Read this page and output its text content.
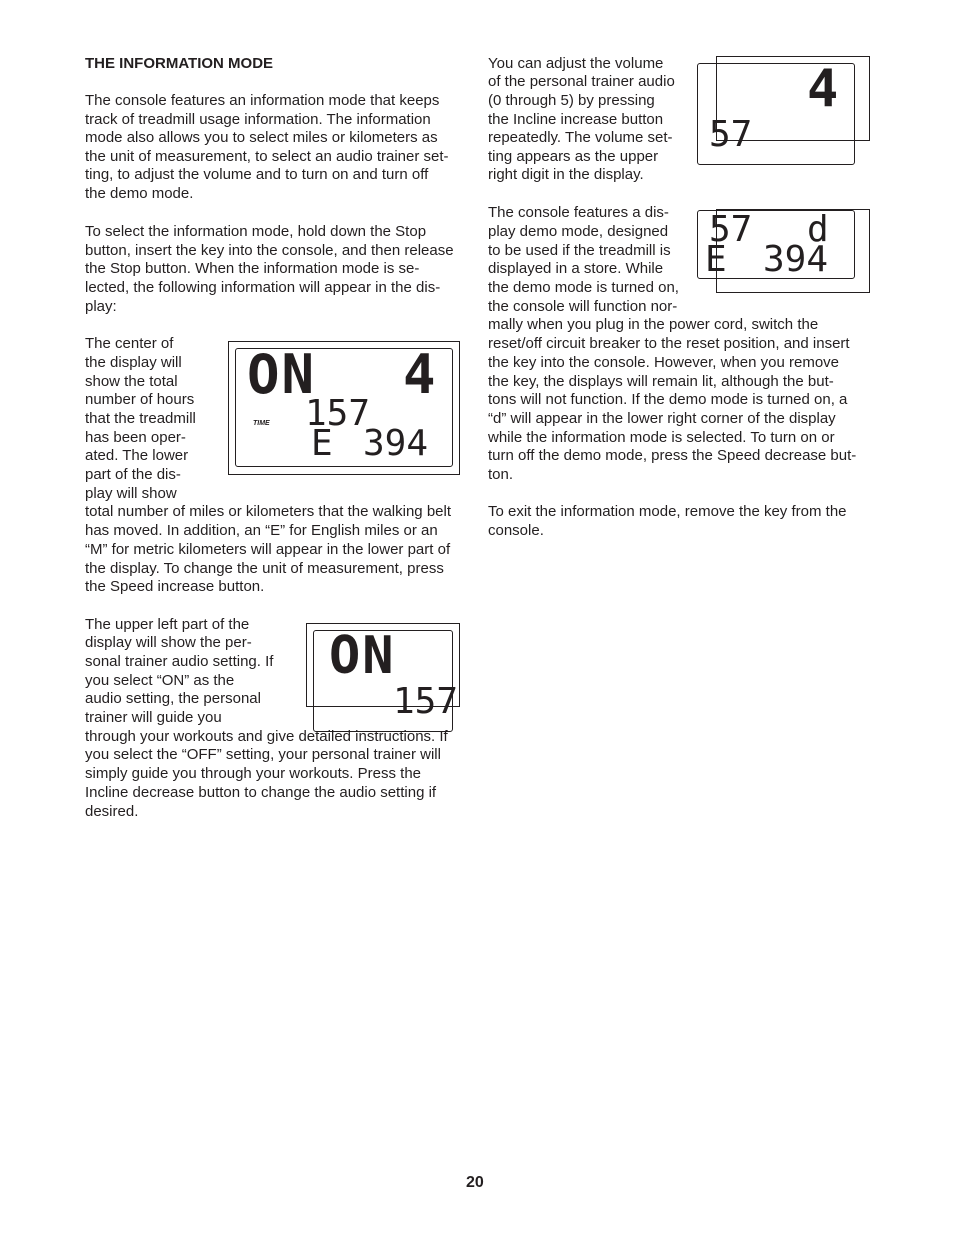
THE INFORMATION MODE
The console features an information mode that keeps
track of treadmill usage information. The information
mode also allows you to select miles or kilometers as
the unit of measurement, to select an audio trainer set-
ting, to adjust the volume and to turn on and turn off
the demo mode.
To select the information mode, hold down the Stop
button, insert the key into the console, and then release
the Stop button. When the information mode is se-
lected, the following information will appear in the dis-
play:
The center of
the display will
show the total
number of hours
that the treadmill
has been oper-
ated. The lower
part of the dis-
play will show
total number of miles or kilometers that the walking belt
has moved. In addition, an “E” for English miles or an
“M” for metric kilometers will appear in the lower part of
the display. To change the unit of measurement, press
the Speed increase button.
The upper left part of the
display will show the per-
sonal trainer audio setting. If
you select “ON” as the
audio setting, the personal
trainer will guide you
through your workouts and give detailed instructions. If
you select the “OFF” setting, your personal trainer will
simply guide you through your workouts. Press the
Incline decrease button to change the audio setting if
desired.
ON 4
TIME 157
E 394
ON
157
You can adjust the volume
of the personal trainer audio
(0 through 5) by pressing
the Incline increase button
repeatedly. The volume set-
ting appears as the upper
right digit in the display.
4
57
The console features a dis-
play demo mode, designed
to be used if the treadmill is
displayed in a store. While
the demo mode is turned on,
the console will function nor-
mally when you plug in the power cord, switch the
reset/off circuit breaker to the reset position, and insert
the key into the console. However, when you remove
the key, the displays will remain lit, although the but-
tons will not function. If the demo mode is turned on, a
“d” will appear in the lower right corner of the display
while the information mode is selected. To turn on or
turn off the demo mode, press the Speed decrease but-
ton.
57 d
E 394
To exit the information mode, remove the key from the
console.
20
